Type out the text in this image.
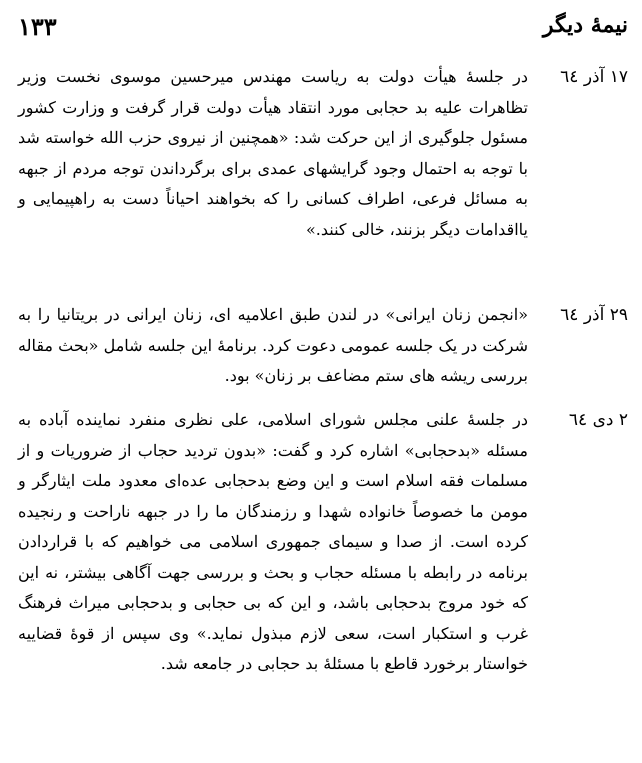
۱۳۳	نیمهٔ دیگر
۱۷ آذر ٦٤
در جلسهٔ هیأت دولت به ریاست مهندس میرحسین موسوی نخست وزیر تظاهرات علیه بد حجابی مورد انتقاد هیأت دولت قرار گرفت و وزارت کشور مسئول جلوگیری از این حرکت شد: «همچنین از نیروی حزب الله خواسته شد با توجه به احتمال وجود گرایشهای عمدی برای برگرداندن توجه مردم از جبهه به مسائل فرعی، اطراف کسانی را که بخواهند احیاناً دست به راهپیمایی و یااقدامات دیگر بزنند، خالی کنند.»
۲۹ آذر ٦٤
«انجمن زنان ایرانی» در لندن طبق اعلامیه ای، زنان ایرانی در بریتانیا را به شرکت در یک جلسه عمومی دعوت کرد. برنامهٔ این جلسه شامل «بحث مقاله بررسی ریشه های ستم مضاعف بر زنان» بود.
۲ دی ٦٤
در جلسهٔ علنی مجلس شورای اسلامی، علی نظری منفرد نماینده آباده به مسئله «بدحجابی» اشاره کرد و گفت: «بدون تردید حجاب از ضروریات و از مسلمات فقه اسلام است و این وضع بدحجابی عده‌ای معدود ملت ایثارگر و مومن ما خصوصاً خانواده شهدا و رزمندگان ما را در جبهه ناراحت و رنجیده کرده است. از صدا و سیمای جمهوری اسلامی می خواهیم که با قراردادن برنامه در رابطه با مسئله حجاب و بحث و بررسی جهت آگاهی بیشتر، نه این که خود مروج بدحجابی باشد، و این که بی حجابی و بدحجابی میراث فرهنگ غرب و استکبار است، سعی لازم مبذول نماید.» وی سپس از قوهٔ قضاییه خواستار برخورد قاطع با مسئلهٔ بد حجابی در جامعه شد.
